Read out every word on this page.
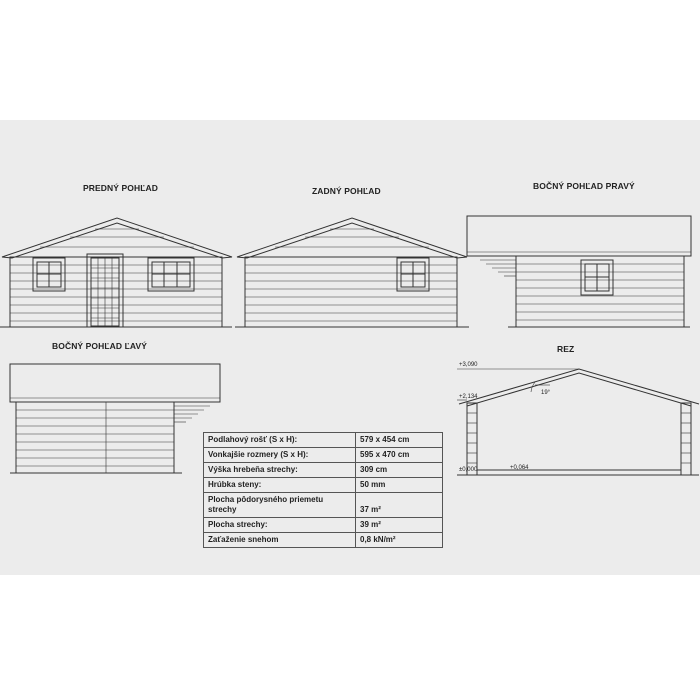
PREDNÝ POHĽAD	ZADNÝ POHĽAD	BOČNÝ POHĽAD PRAVÝ
BOČNÝ POHĽAD ĽAVÝ	REZ
+3,090
+2,134
±0,000	+0,064
19°
Podlahový rošť (S x H):	579 x 454 cm
Vonkajšie rozmery (S x H):	595 x 470 cm
Výška hrebeňa strechy:	309 cm
Hrúbka steny:	50 mm
Plocha pôdorysného priemetu strechy	37 m²
Plocha strechy:	39 m²
Zaťaženie snehom	0,8 kN/m²
